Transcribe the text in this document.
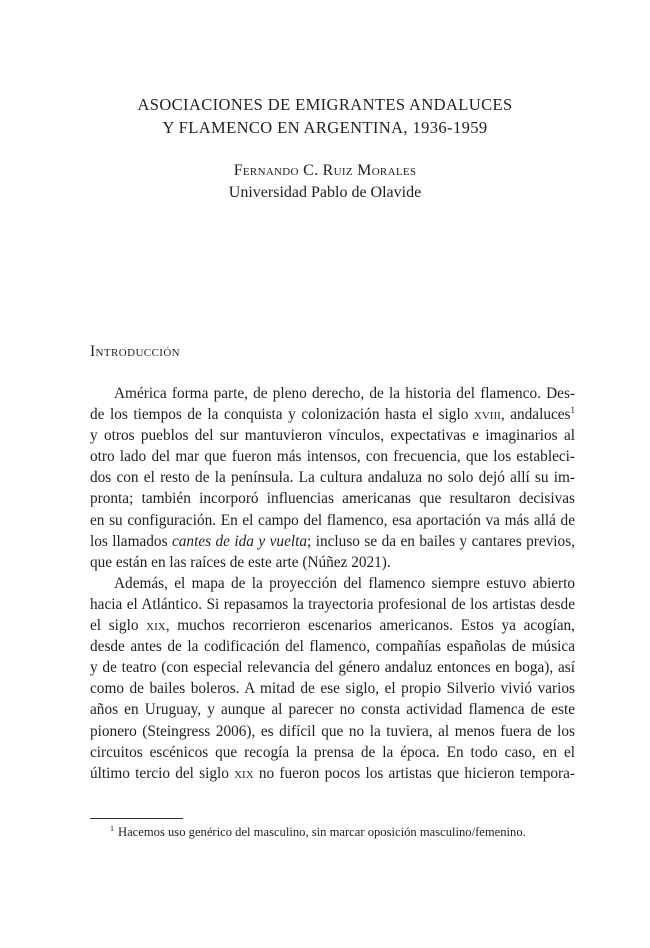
ASOCIACIONES DE EMIGRANTES ANDALUCES
Y FLAMENCO EN ARGENTINA, 1936-1959
Fernando C. Ruiz Morales
Universidad Pablo de Olavide
Introducción
América forma parte, de pleno derecho, de la historia del flamenco. Des-
de los tiempos de la conquista y colonización hasta el siglo xviii, andaluces$^1$
y otros pueblos del sur mantuvieron vínculos, expectativas e imaginarios al
otro lado del mar que fueron más intensos, con frecuencia, que los estableci-
dos con el resto de la península. La cultura andaluza no solo dejó allí su im-
pronta; también incorporó influencias americanas que resultaron decisivas
en su configuración. En el campo del flamenco, esa aportación va más allá de
los llamados cantes de ida y vuelta; incluso se da en bailes y cantares previos,
que están en las raíces de este arte (Núñez 2021).
Además, el mapa de la proyección del flamenco siempre estuvo abierto
hacia el Atlántico. Si repasamos la trayectoria profesional de los artistas desde
el siglo xix, muchos recorrieron escenarios americanos. Estos ya acogían,
desde antes de la codificación del flamenco, compañías españolas de música
y de teatro (con especial relevancia del género andaluz entonces en boga), así
como de bailes boleros. A mitad de ese siglo, el propio Silverio vivió varios
años en Uruguay, y aunque al parecer no consta actividad flamenca de este
pionero (Steingress 2006), es difícil que no la tuviera, al menos fuera de los
circuitos escénicos que recogía la prensa de la época. En todo caso, en el
último tercio del siglo xix no fueron pocos los artistas que hicieron tempora-
$^1$ Hacemos uso genérico del masculino, sin marcar oposición masculino/femenino.
